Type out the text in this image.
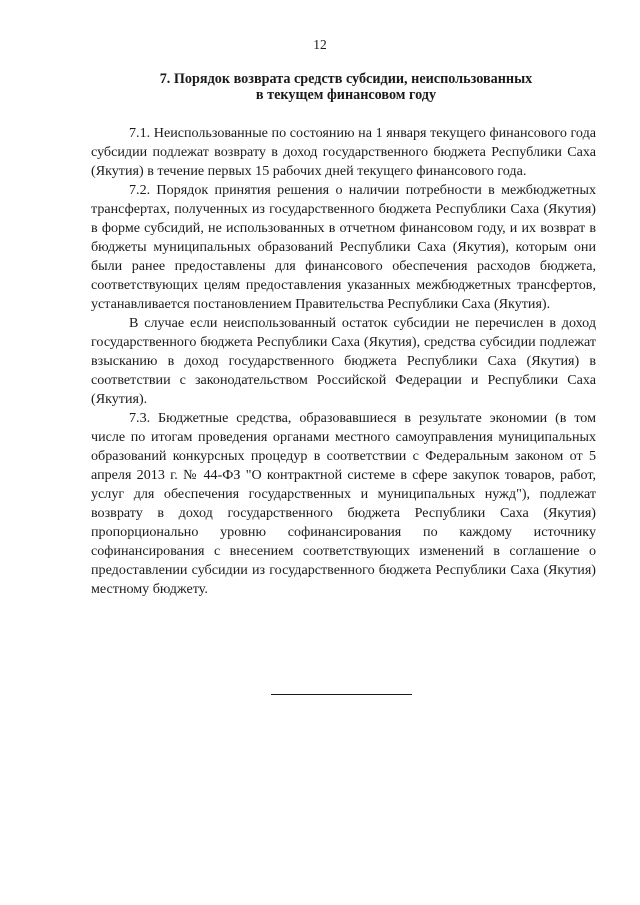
12
7. Порядок возврата средств субсидии, неиспользованных
в текущем финансовом году

7.1. Неиспользованные по состоянию на 1 января текущего финансового года субсидии подлежат возврату в доход государственного бюджета Республики Саха (Якутия) в течение первых 15 рабочих дней текущего финансового года.

7.2. Порядок принятия решения о наличии потребности в межбюджетных трансфертах, полученных из государственного бюджета Республики Саха (Якутия) в форме субсидий, не использованных в отчетном финансовом году, и их возврат в бюджеты муниципальных образований Республики Саха (Якутия), которым они были ранее предоставлены для финансового обеспечения расходов бюджета, соответствующих целям предоставления указанных межбюджетных трансфертов, устанавливается постановлением Правительства Республики Саха (Якутия).

В случае если неиспользованный остаток субсидии не перечислен в доход государственного бюджета Республики Саха (Якутия), средства субсидии подлежат взысканию в доход государственного бюджета Республики Саха (Якутия) в соответствии с законодательством Российской Федерации и Республики Саха (Якутия).

7.3. Бюджетные средства, образовавшиеся в результате экономии (в том числе по итогам проведения органами местного самоуправления муниципальных образований конкурсных процедур в соответствии с Федеральным законом от 5 апреля 2013 г. № 44-ФЗ "О контрактной системе в сфере закупок товаров, работ, услуг для обеспечения государственных и муниципальных нужд"), подлежат возврату в доход государственного бюджета Республики Саха (Якутия) пропорционально уровню софинансирования по каждому источнику софинансирования с внесением соответствующих изменений в соглашение о предоставлении субсидии из государственного бюджета Республики Саха (Якутия) местному бюджету.
